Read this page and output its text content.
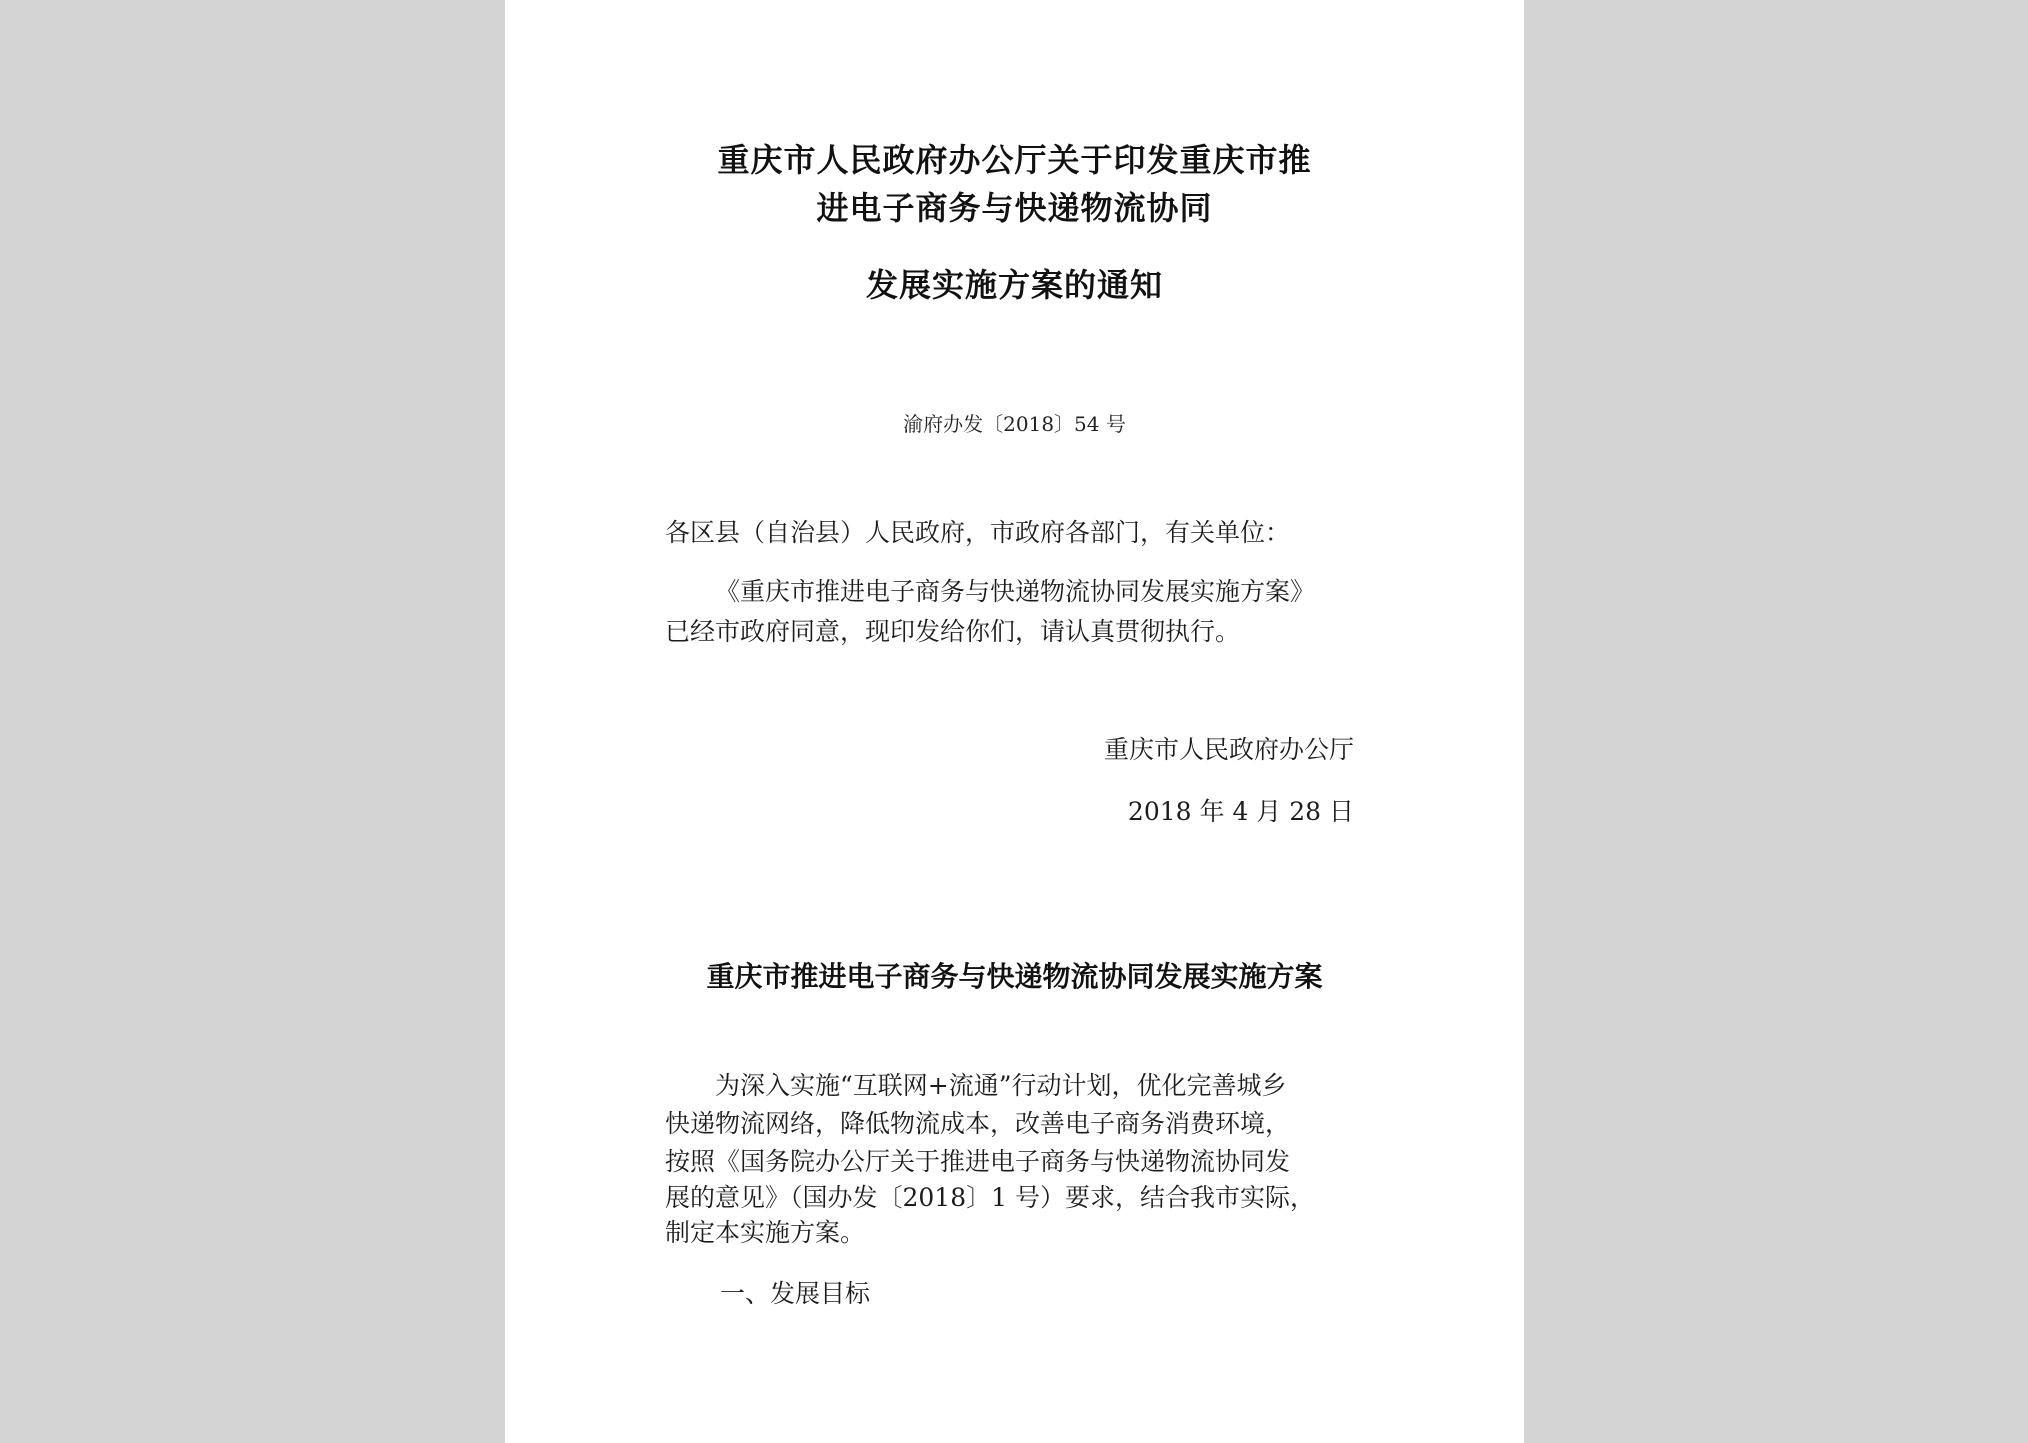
重庆市人民政府办公厅关于印发重庆市推
进电子商务与快递物流协同
发展实施方案的通知
渝府办发〔2018〕54 号
各区县（自治县）人民政府，市政府各部门，有关单位：
《重庆市推进电子商务与快递物流协同发展实施方案》
已经市政府同意，现印发给你们，请认真贯彻执行。
重庆市人民政府办公厅
2018 年 4 月 28 日
重庆市推进电子商务与快递物流协同发展实施方案
为深入实施“互联网+流通”行动计划，优化完善城乡
快递物流网络，降低物流成本，改善电子商务消费环境，
按照《国务院办公厅关于推进电子商务与快递物流协同发
展的意见》（国办发〔2018〕1 号）要求，结合我市实际，
制定本实施方案。
一、发展目标
